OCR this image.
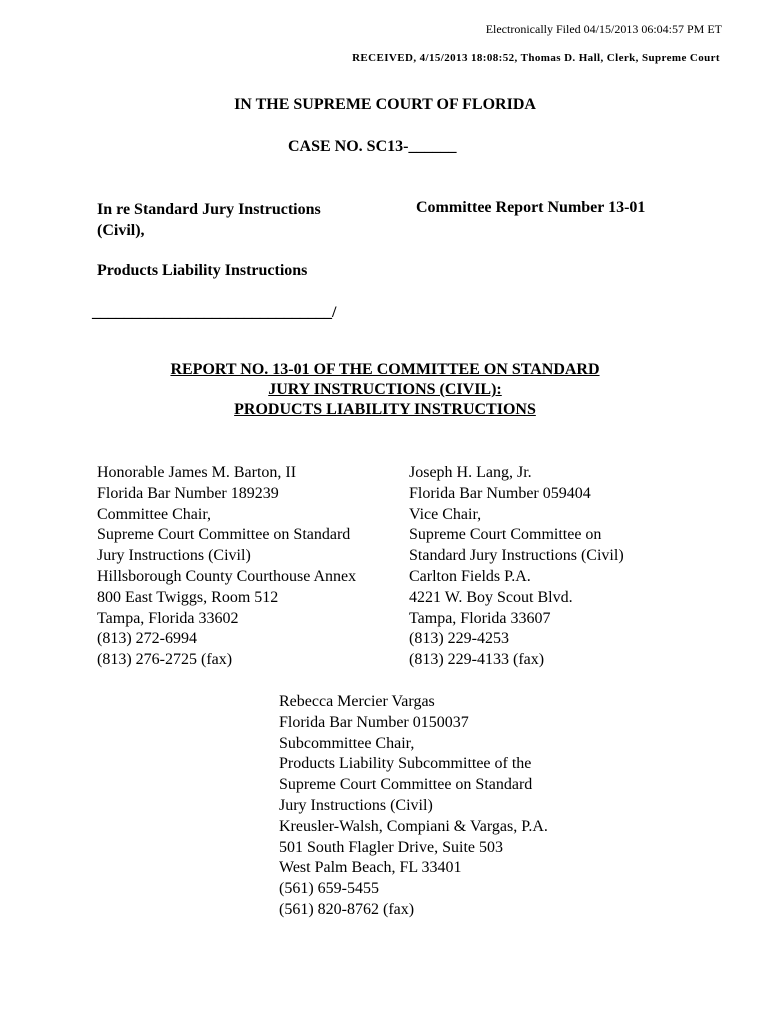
Electronically Filed 04/15/2013 06:04:57 PM ET
RECEIVED, 4/15/2013 18:08:52, Thomas D. Hall, Clerk, Supreme Court
IN THE SUPREME COURT OF FLORIDA
CASE NO. SC13-______
In re Standard Jury Instructions
(Civil),
Committee Report Number 13-01
Products Liability Instructions
______________________________/
REPORT NO. 13-01 OF THE COMMITTEE ON STANDARD
JURY INSTRUCTIONS (CIVIL):
PRODUCTS LIABILITY INSTRUCTIONS
Honorable James M. Barton, II
Florida Bar Number 189239
Committee Chair,
Supreme Court Committee on Standard
Jury Instructions (Civil)
Hillsborough County Courthouse Annex
800 East Twiggs, Room 512
Tampa, Florida 33602
(813) 272-6994
(813) 276-2725 (fax)
Joseph H. Lang, Jr.
Florida Bar Number 059404
Vice Chair,
Supreme Court Committee on
Standard Jury Instructions (Civil)
Carlton Fields P.A.
4221 W. Boy Scout Blvd.
Tampa, Florida 33607
(813) 229-4253
(813) 229-4133 (fax)
Rebecca Mercier Vargas
Florida Bar Number 0150037
Subcommittee Chair,
Products Liability Subcommittee of the
Supreme Court Committee on Standard
Jury Instructions (Civil)
Kreusler-Walsh, Compiani & Vargas, P.A.
501 South Flagler Drive, Suite 503
West Palm Beach, FL 33401
(561) 659-5455
(561) 820-8762 (fax)
